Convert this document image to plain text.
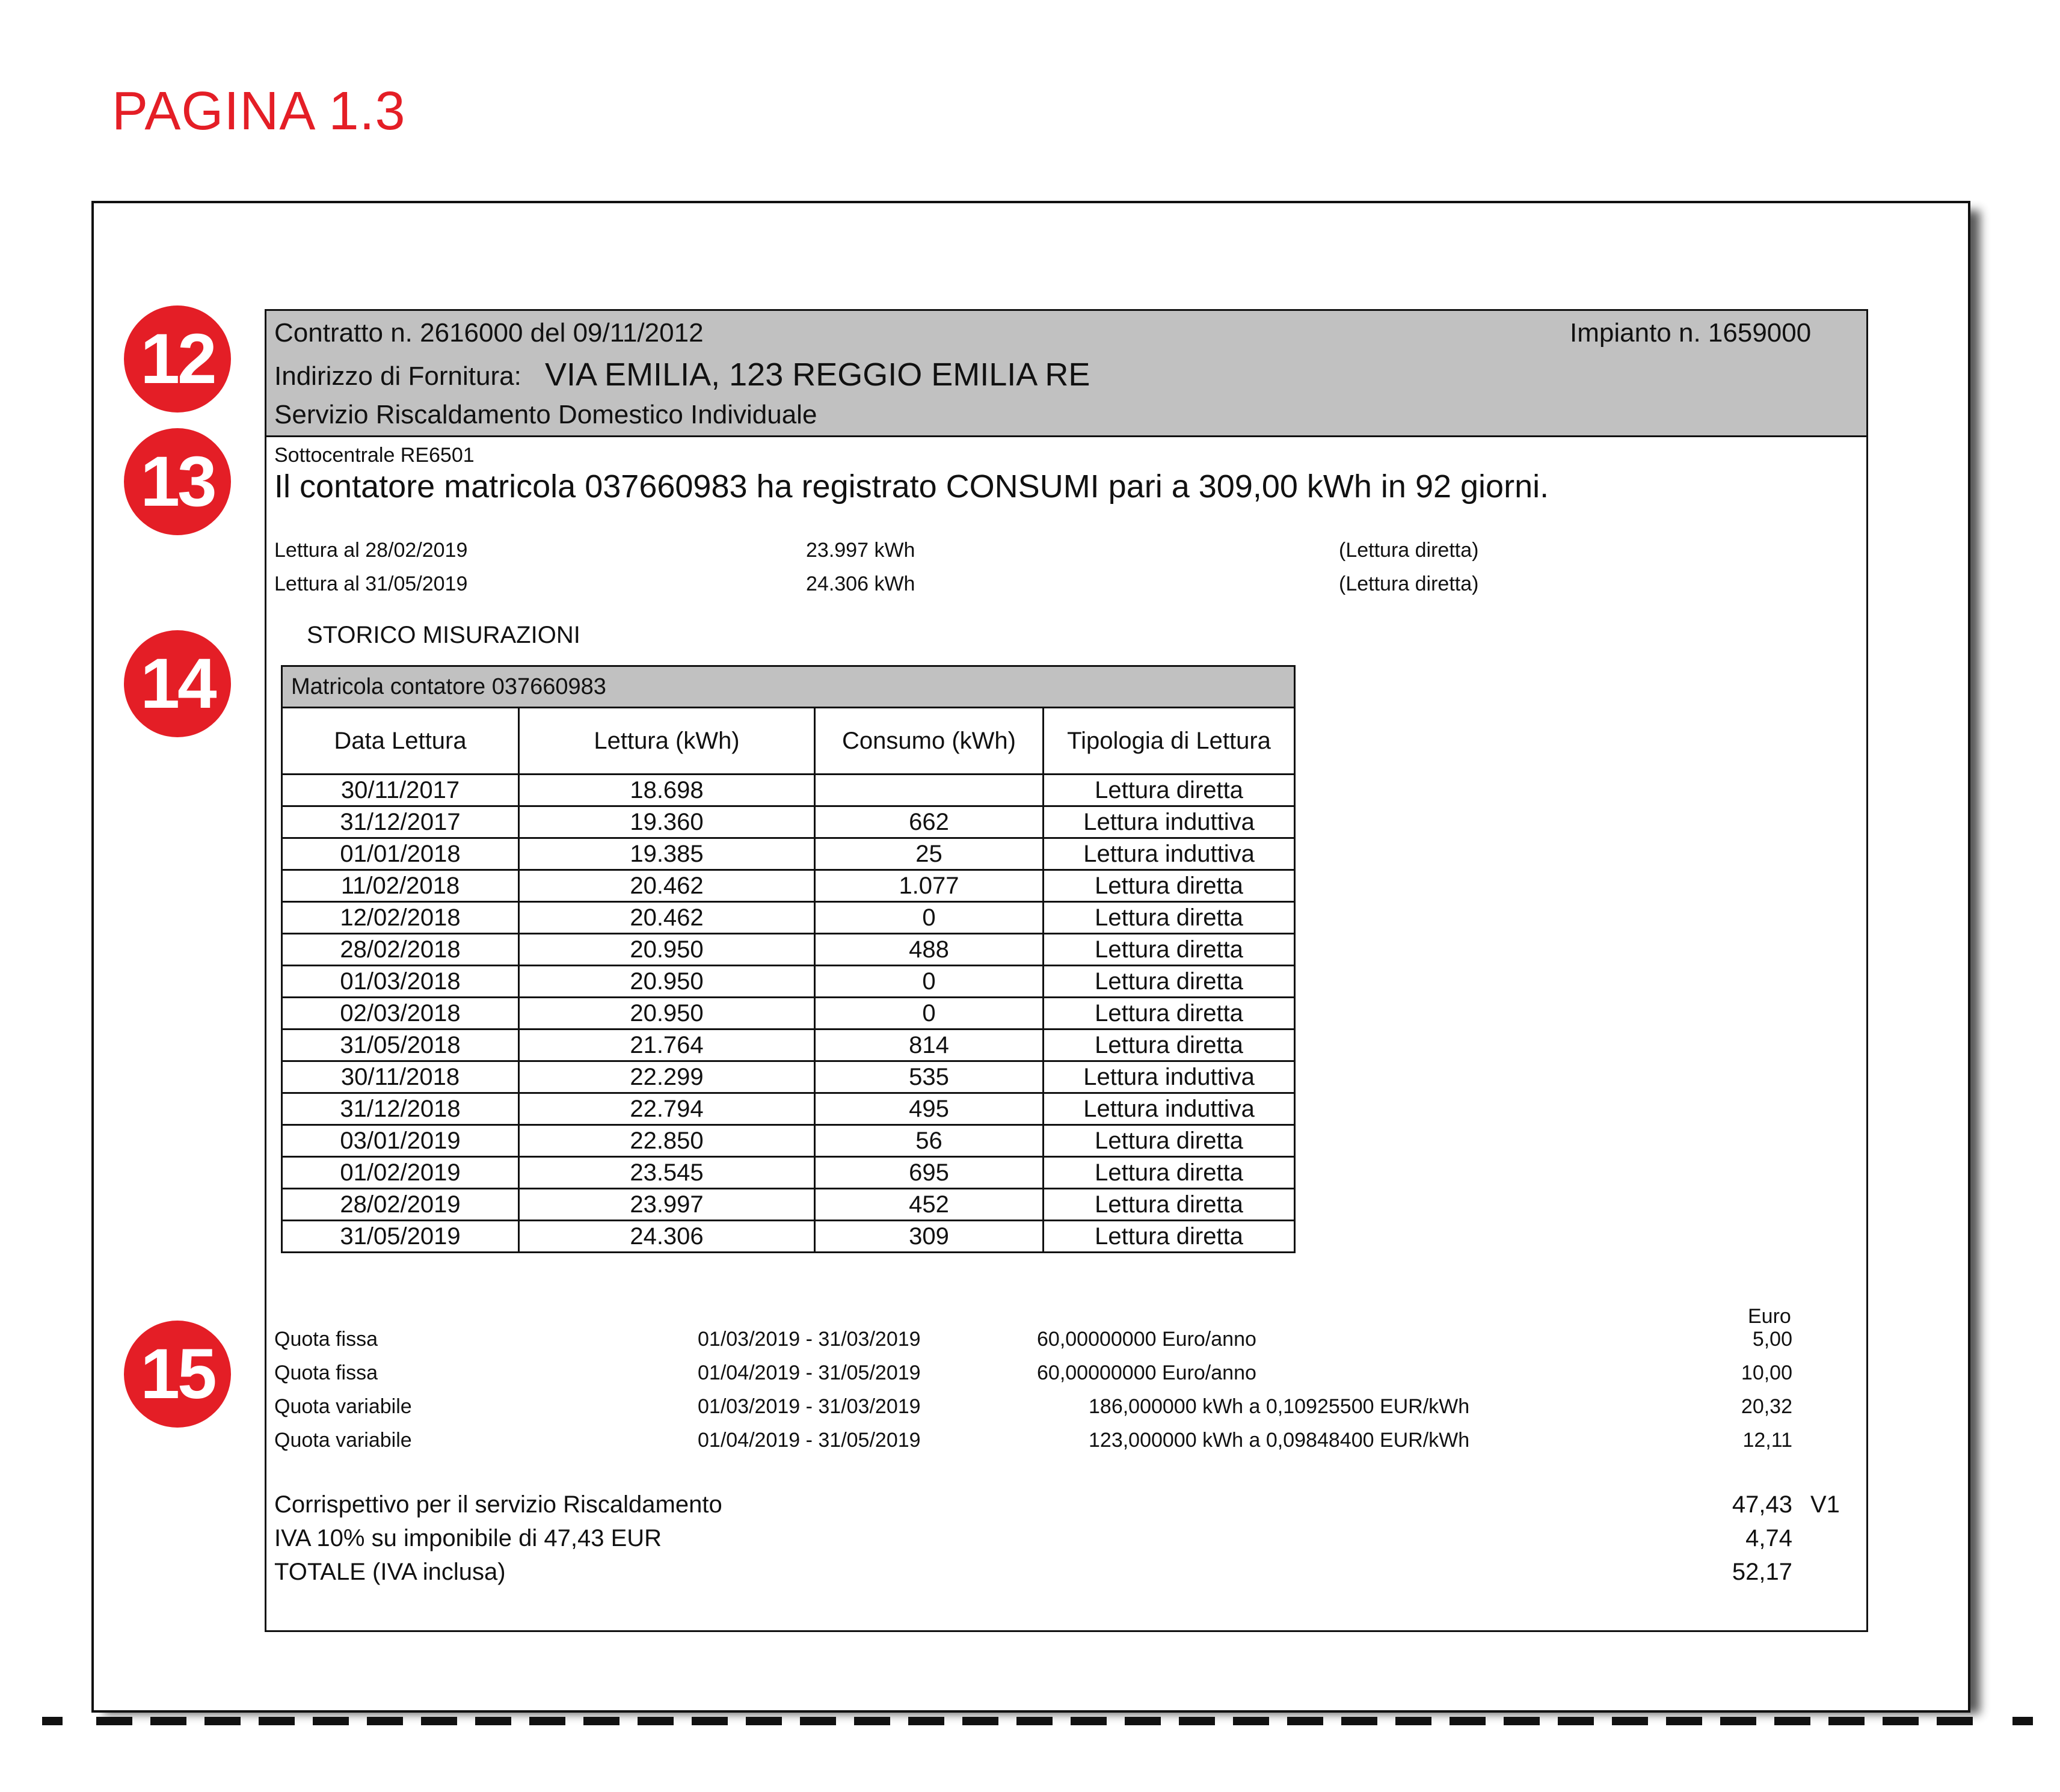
PAGINA 1.3
12
13
14
15
Contratto n. 2616000 del 09/11/2012	Impianto n. 1659000
Indirizzo di Fornitura: VIA EMILIA, 123 REGGIO EMILIA RE
Servizio Riscaldamento Domestico Individuale
Sottocentrale RE6501
Il contatore matricola 037660983 ha registrato CONSUMI pari a 309,00 kWh in 92 giorni.
Lettura al 28/02/2019	23.997 kWh	(Lettura diretta)
Lettura al 31/05/2019	24.306 kWh	(Lettura diretta)
STORICO MISURAZIONI
Matricola contatore 037660983			
Data Lettura	Lettura (kWh)	Consumo (kWh)	Tipologia di Lettura
30/11/2017	18.698		Lettura diretta
31/12/2017	19.360	662	Lettura induttiva
01/01/2018	19.385	25	Lettura induttiva
11/02/2018	20.462	1.077	Lettura diretta
12/02/2018	20.462	0	Lettura diretta
28/02/2018	20.950	488	Lettura diretta
01/03/2018	20.950	0	Lettura diretta
02/03/2018	20.950	0	Lettura diretta
31/05/2018	21.764	814	Lettura diretta
30/11/2018	22.299	535	Lettura induttiva
31/12/2018	22.794	495	Lettura induttiva
03/01/2019	22.850	56	Lettura diretta
01/02/2019	23.545	695	Lettura diretta
28/02/2019	23.997	452	Lettura diretta
31/05/2019	24.306	309	Lettura diretta
Euro
Quota fissa	01/03/2019 - 31/03/2019	60,00000000 Euro/anno	5,00
Quota fissa	01/04/2019 - 31/05/2019	60,00000000 Euro/anno	10,00
Quota variabile	01/03/2019 - 31/03/2019	186,000000 kWh a 0,10925500 EUR/kWh	20,32
Quota variabile	01/04/2019 - 31/05/2019	123,000000 kWh a 0,09848400 EUR/kWh	12,11
Corrispettivo per il servizio Riscaldamento	47,43 V1
IVA 10% su imponibile di 47,43 EUR	4,74
TOTALE (IVA inclusa)	52,17
